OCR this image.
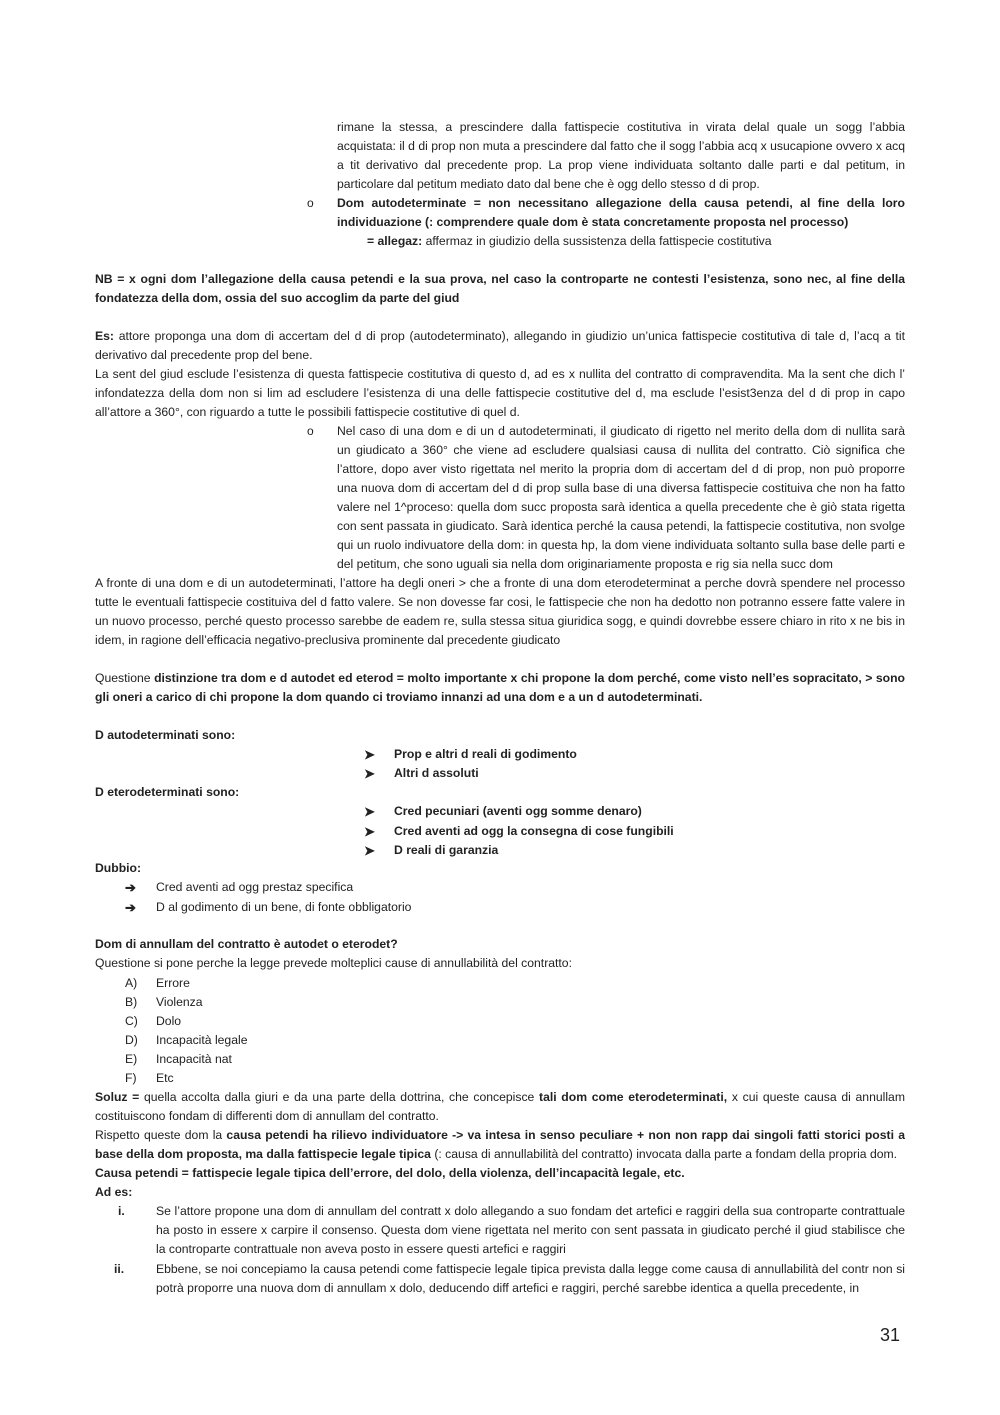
rimane la stessa, a prescindere dalla fattispecie costitutiva in virata delal quale un sogg l’abbia acquistata: il d di prop non muta a prescindere dal fatto che il sogg l’abbia acq x usucapione ovvero x acq a tit derivativo dal precedente prop. La prop viene individuata soltanto dalle parti e dal petitum, in particolare dal petitum mediato dato dal bene che è ogg dello stesso d di prop.
o Dom autodeterminate = non necessitano allegazione della causa petendi, al fine della loro individuazione (: comprendere quale dom è stata concretamente proposta nel processo)
= allegaz: affermaz in giudizio della sussistenza della fattispecie costitutiva
NB = x ogni dom l’allegazione della causa petendi e la sua prova, nel caso la controparte ne contesti l’esistenza, sono nec, al fine della fondatezza della dom, ossia del suo accoglim da parte del giud
Es: attore proponga una dom di accertam del d di prop (autodeterminato), allegando in giudizio un’unica fattispecie costitutiva di tale d, l’acq a tit derivativo dal precedente prop del bene.
La sent del giud esclude l’esistenza di questa fattispecie costitutiva di questo d, ad es x nullita del contratto di compravendita. Ma la sent che dich l’ infondatezza della dom non si lim ad escludere l’esistenza di una delle fattispecie costitutive del d, ma esclude l’esist3enza del d di prop in capo all’attore a 360°, con riguardo a tutte le possibili fattispecie costitutive di quel d.
o Nel caso di una dom e di un d autodeterminati, il giudicato di rigetto nel merito della dom di nullita sarà un giudicato a 360° che viene ad escludere qualsiasi causa di nullita del contratto. Ciò significa che l’attore, dopo aver visto rigettata nel merito la propria dom di accertam del d di prop, non può proporre una nuova dom di accertam del d di prop sulla base di una diversa fattispecie costituiva che non ha fatto valere nel 1^proceso: quella dom succ proposta sarà identica a quella precedente che è giò stata rigetta con sent passata in giudicato. Sarà identica perché la causa petendi, la fattispecie costitutiva, non svolge qui un ruolo indivuatore della dom: in questa hp, la dom viene individuata soltanto sulla base delle parti e del petitum, che sono uguali sia nella dom originariamente proposta e rig sia nella succ dom
A fronte di una dom e di un autodeterminati, l’attore ha degli oneri > che a fronte di una dom eterodeterminat a perche dovrà spendere nel processo tutte le eventuali fattispecie costituiva del d fatto valere. Se non dovesse far cosi, le fattispecie che non ha dedotto non potranno essere fatte valere in un nuovo processo, perché questo processo sarebbe de eadem re, sulla stessa situa giuridica sogg, e quindi dovrebbe essere chiaro in rito x ne bis in idem, in ragione dell’efficacia negativo-preclusiva prominente dal precedente giudicato
Questione distinzione tra dom e d autodet ed eterod = molto importante x chi propone la dom perché, come visto nell’es sopracitato, > sono gli oneri a carico di chi propone la dom quando ci troviamo innanzi ad una dom e a un d autodeterminati.
D autodeterminati sono:
➤ Prop e altri d reali di godimento
➤ Altri d assoluti
D eterodeterminati sono:
➤ Cred pecuniari (aventi ogg somme denaro)
➤ Cred aventi ad ogg la consegna di cose fungibili
➤ D reali di garanzia
Dubbio:
➔ Cred aventi ad ogg prestaz specifica
➔ D al godimento di un bene, di fonte obbligatorio
Dom di annullam del contratto è autodet o eterodet?
Questione si pone perche la legge prevede molteplici cause di annullabilità del contratto:
A) Errore
B) Violenza
C) Dolo
D) Incapacità legale
E) Incapacità nat
F) Etc
Soluz = quella accolta dalla giuri e da una parte della dottrina, che concepisce tali dom come eterodeterminati, x cui queste causa di annullam costituiscono fondam di differenti dom di annullam del contratto.
Rispetto queste dom la causa petendi ha rilievo individuatore -> va intesa in senso peculiare + non non rapp dai singoli fatti storici posti a base della dom proposta, ma dalla fattispecie legale tipica (: causa di annullabilità del contratto) invocata dalla parte a fondam della propria dom.
Causa petendi = fattispecie legale tipica dell’errore, del dolo, della violenza, dell’incapacità legale, etc.
Ad es:
i.	Se l’attore propone una dom di annullam del contratt x dolo allegando a suo fondam det artefici e raggiri della sua controparte contrattuale ha posto in essere x carpire il consenso. Questa dom viene rigettata nel merito con sent passata in giudicato perché il giud stabilisce che la controparte contrattuale non aveva posto in essere questi artefici e raggiri
ii.	Ebbene, se noi concepiamo la causa petendi come fattispecie legale tipica prevista dalla legge come causa di annullabilità del contr non si potrà proporre una nuova dom di annullam x dolo, deducendo diff artefici e raggiri, perché sarebbe identica a quella precedente, in
31
